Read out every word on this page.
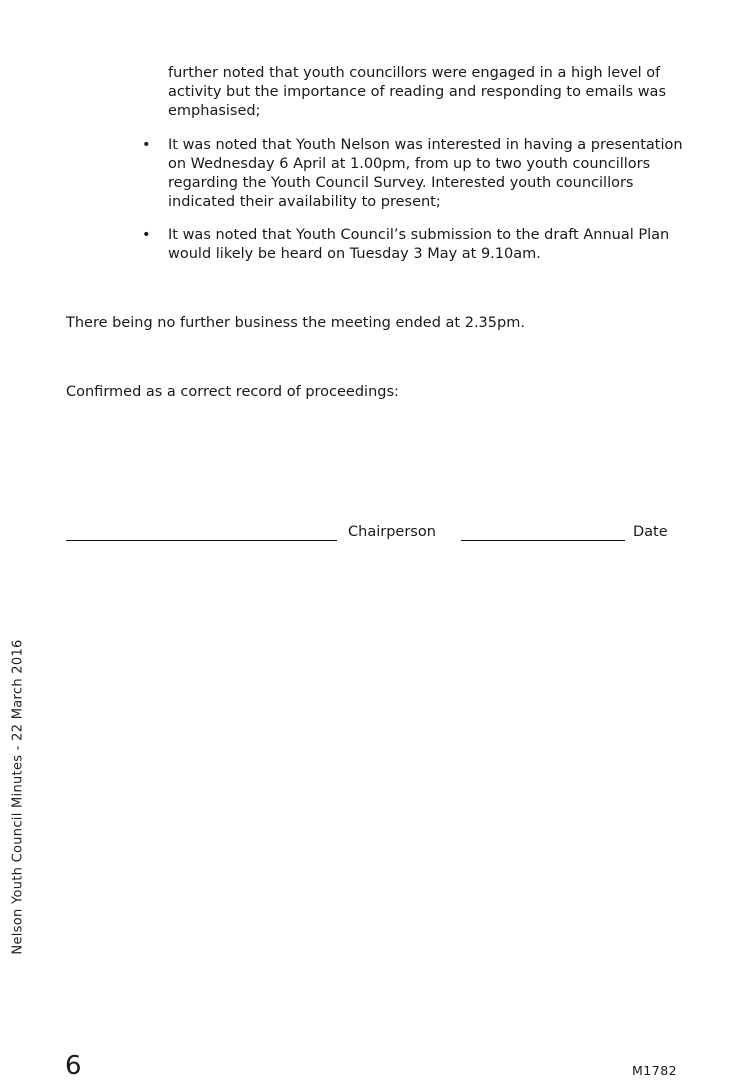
Nelson Youth Council Minutes - 22 March 2016
further noted that youth councillors were engaged in a high level of activity but the importance of reading and responding to emails was emphasised;
• It was noted that Youth Nelson was interested in having a presentation on Wednesday 6 April at 1.00pm, from up to two youth councillors regarding the Youth Council Survey. Interested youth councillors indicated their availability to present;
• It was noted that Youth Council’s submission to the draft Annual Plan would likely be heard on Tuesday 3 May at 9.10am.
There being no further business the meeting ended at 2.35pm.
Confirmed as a correct record of proceedings:
Chairperson	Date
6	M1782
